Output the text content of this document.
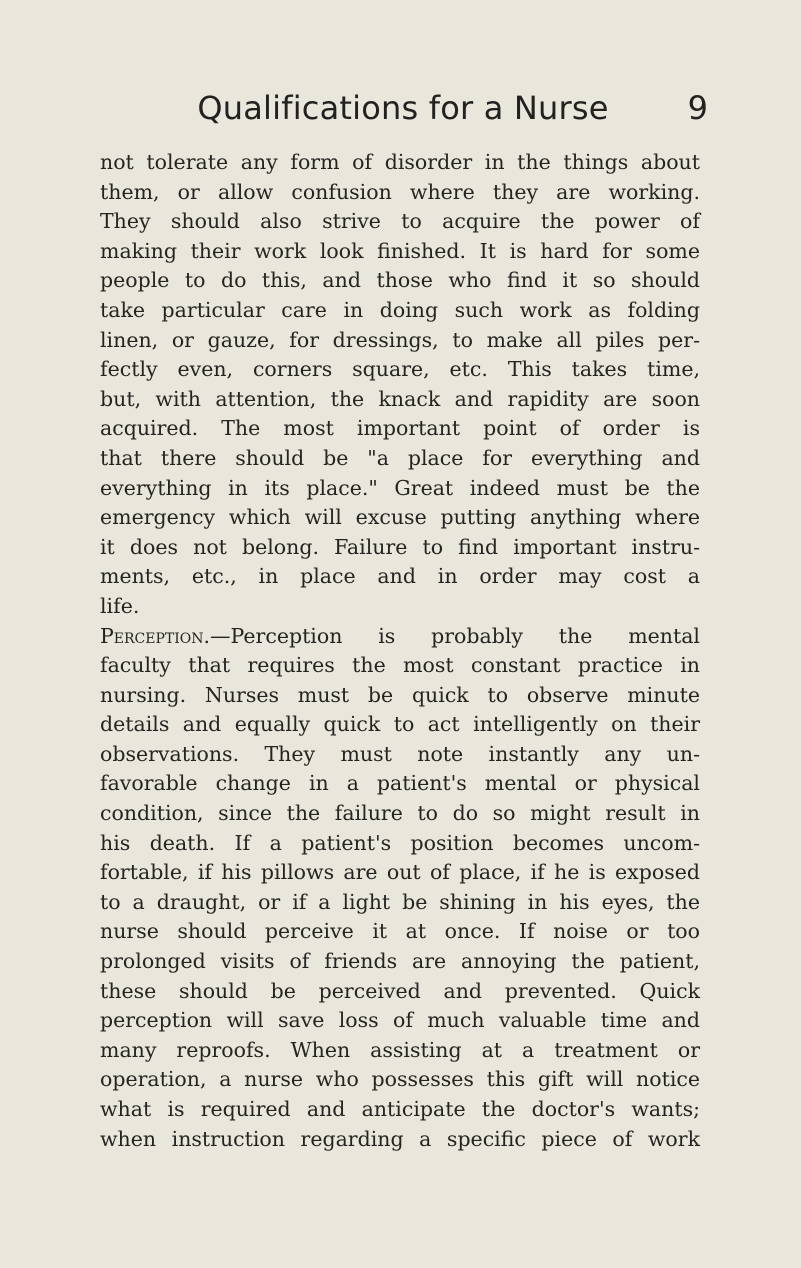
Qualifications for a Nurse	9
not tolerate any form of disorder in the things about
them, or allow confusion where they are working.
They should also strive to acquire the power of
making their work look finished. It is hard for some
people to do this, and those who find it so should
take particular care in doing such work as folding
linen, or gauze, for dressings, to make all piles per-
fectly even, corners square, etc. This takes time,
but, with attention, the knack and rapidity are soon
acquired. The most important point of order is
that there should be "a place for everything and
everything in its place." Great indeed must be the
emergency which will excuse putting anything where
it does not belong. Failure to find important instru-
ments, etc., in place and in order may cost a
life.
Perception.—Perception is probably the mental
faculty that requires the most constant practice in
nursing. Nurses must be quick to observe minute
details and equally quick to act intelligently on their
observations. They must note instantly any un-
favorable change in a patient's mental or physical
condition, since the failure to do so might result in
his death. If a patient's position becomes uncom-
fortable, if his pillows are out of place, if he is exposed
to a draught, or if a light be shining in his eyes, the
nurse should perceive it at once. If noise or too
prolonged visits of friends are annoying the patient,
these should be perceived and prevented. Quick
perception will save loss of much valuable time and
many reproofs. When assisting at a treatment or
operation, a nurse who possesses this gift will notice
what is required and anticipate the doctor's wants;
when instruction regarding a specific piece of work
